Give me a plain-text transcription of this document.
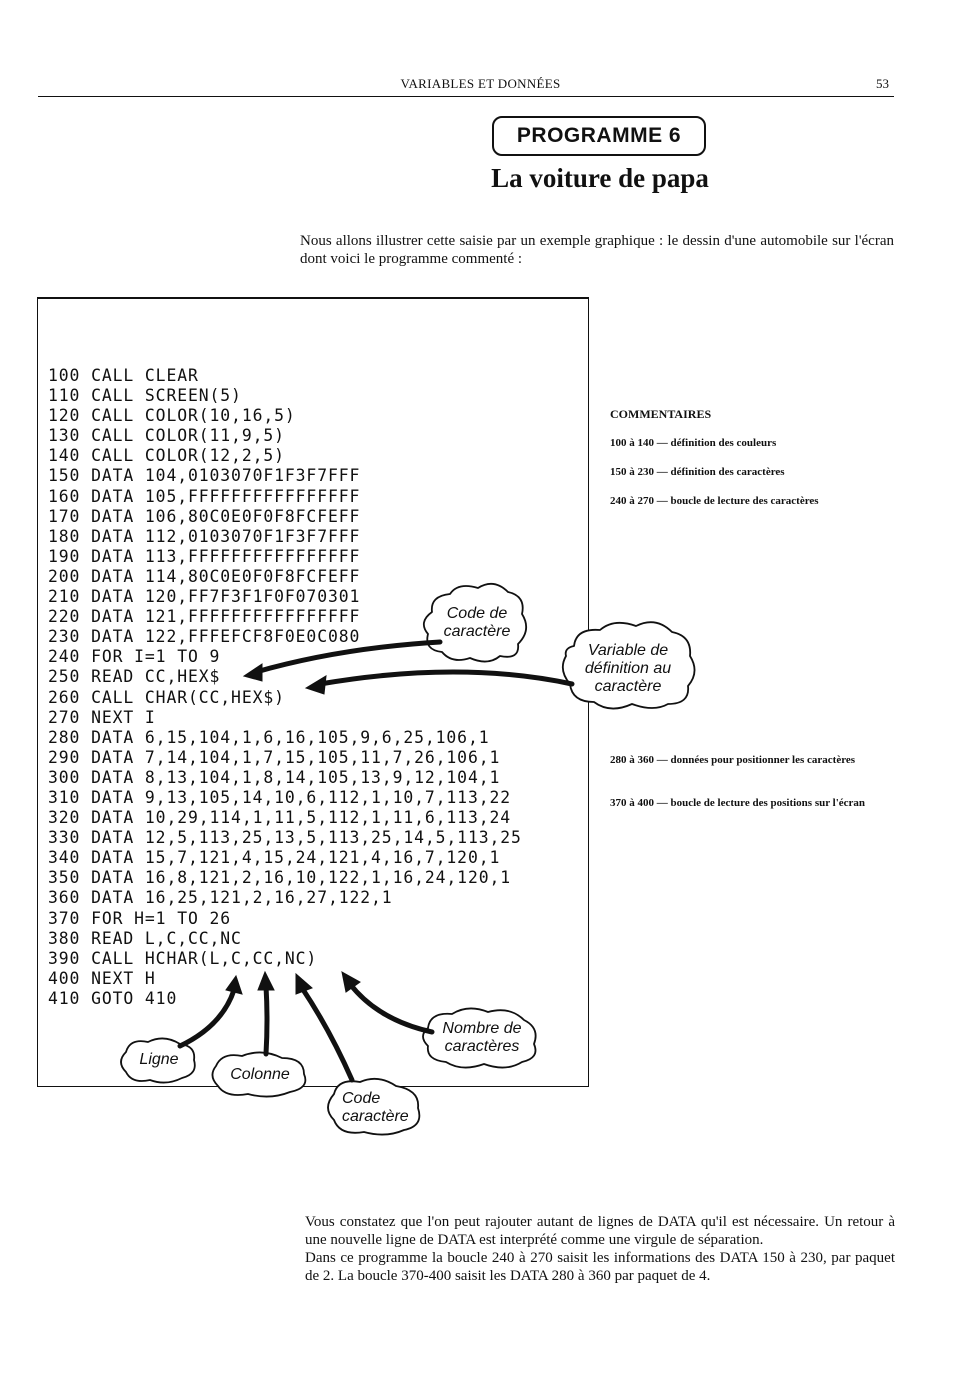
VARIABLES ET DONNÉES	53
PROGRAMME 6
La voiture de papa
Nous allons illustrer cette saisie par un exemple graphique : le dessin d'une automobile sur l'écran dont voici le programme commenté :
100 CALL CLEAR
110 CALL SCREEN(5)
120 CALL COLOR(10,16,5)
130 CALL COLOR(11,9,5)
140 CALL COLOR(12,2,5)
150 DATA 104,0103070F1F3F7FFF
160 DATA 105,FFFFFFFFFFFFFFFF
170 DATA 106,80C0E0F0F8FCFEFF
180 DATA 112,0103070F1F3F7FFF
190 DATA 113,FFFFFFFFFFFFFFFF
200 DATA 114,80C0E0F0F8FCFEFF
210 DATA 120,FF7F3F1F0F070301
220 DATA 121,FFFFFFFFFFFFFFFF
230 DATA 122,FFFEFCF8F0E0C080
240 FOR I=1 TO 9
250 READ CC,HEX$
260 CALL CHAR(CC,HEX$)
270 NEXT I
280 DATA 6,15,104,1,6,16,105,9,6,25,106,1
290 DATA 7,14,104,1,7,15,105,11,7,26,106,1
300 DATA 8,13,104,1,8,14,105,13,9,12,104,1
310 DATA 9,13,105,14,10,6,112,1,10,7,113,22
320 DATA 10,29,114,1,11,5,112,1,11,6,113,24
330 DATA 12,5,113,25,13,5,113,25,14,5,113,25
340 DATA 15,7,121,4,15,24,121,4,16,7,120,1
350 DATA 16,8,121,2,16,10,122,1,16,24,120,1
360 DATA 16,25,121,2,16,27,122,1
370 FOR H=1 TO 26
380 READ L,C,CC,NC
390 CALL HCHAR(L,C,CC,NC)
400 NEXT H
410 GOTO 410
Code de
caractère
Variable de
définition au
caractère
Ligne
Colonne
Code
caractère
Nombre de
caractères
COMMENTAIRES
100 à 140 — définition des couleurs
150 à 230 — définition des caractères
240 à 270 — boucle de lecture des caractères
280 à 360 — données pour positionner les caractères
370 à 400 — boucle de lecture des positions sur l'écran

Vous constatez que l'on peut rajouter autant de lignes de DATA qu'il est nécessaire. Un retour à une nouvelle ligne de DATA est interprété comme une virgule de séparation.

Dans ce programme la boucle 240 à 270 saisit les informations des DATA 150 à 230, par paquet de 2. La boucle 370-400 saisit les DATA 280 à 360 par paquet de 4.
